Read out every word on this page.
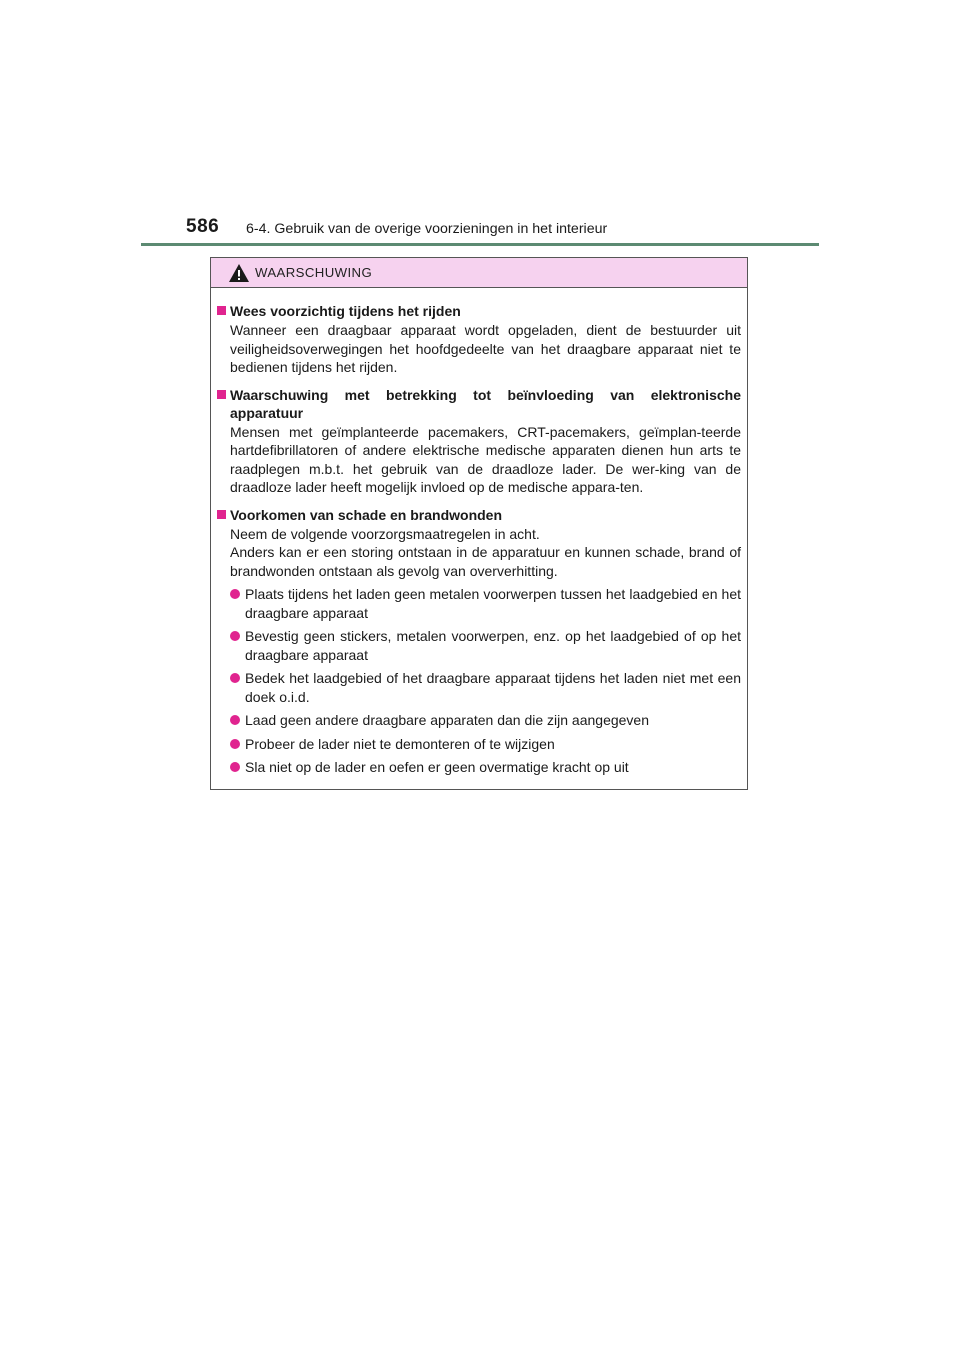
586 6-4. Gebruik van de overige voorzieningen in het interieur
WAARSCHUWING
Wees voorzichtig tijdens het rijden

Wanneer een draagbaar apparaat wordt opgeladen, dient de bestuurder uit veiligheidsoverwegingen het hoofdgedeelte van het draagbare apparaat niet te bedienen tijdens het rijden.

Waarschuwing met betrekking tot beïnvloeding van elektronische apparatuur

Mensen met geïmplanteerde pacemakers, CRT-pacemakers, geïmplan-teerde hartdefibrillatoren of andere elektrische medische apparaten dienen hun arts te raadplegen m.b.t. het gebruik van de draadloze lader. De wer-king van de draadloze lader heeft mogelijk invloed op de medische appara-ten.

Voorkomen van schade en brandwonden

Neem de volgende voorzorgsmaatregelen in acht.

Anders kan er een storing ontstaan in de apparatuur en kunnen schade, brand of brandwonden ontstaan als gevolg van oververhitting.

Plaats tijdens het laden geen metalen voorwerpen tussen het laadgebied en het draagbare apparaat
Bevestig geen stickers, metalen voorwerpen, enz. op het laadgebied of op het draagbare apparaat
Bedek het laadgebied of het draagbare apparaat tijdens het laden niet met een doek o.i.d.
Laad geen andere draagbare apparaten dan die zijn aangegeven
Probeer de lader niet te demonteren of te wijzigen
Sla niet op de lader en oefen er geen overmatige kracht op uit
